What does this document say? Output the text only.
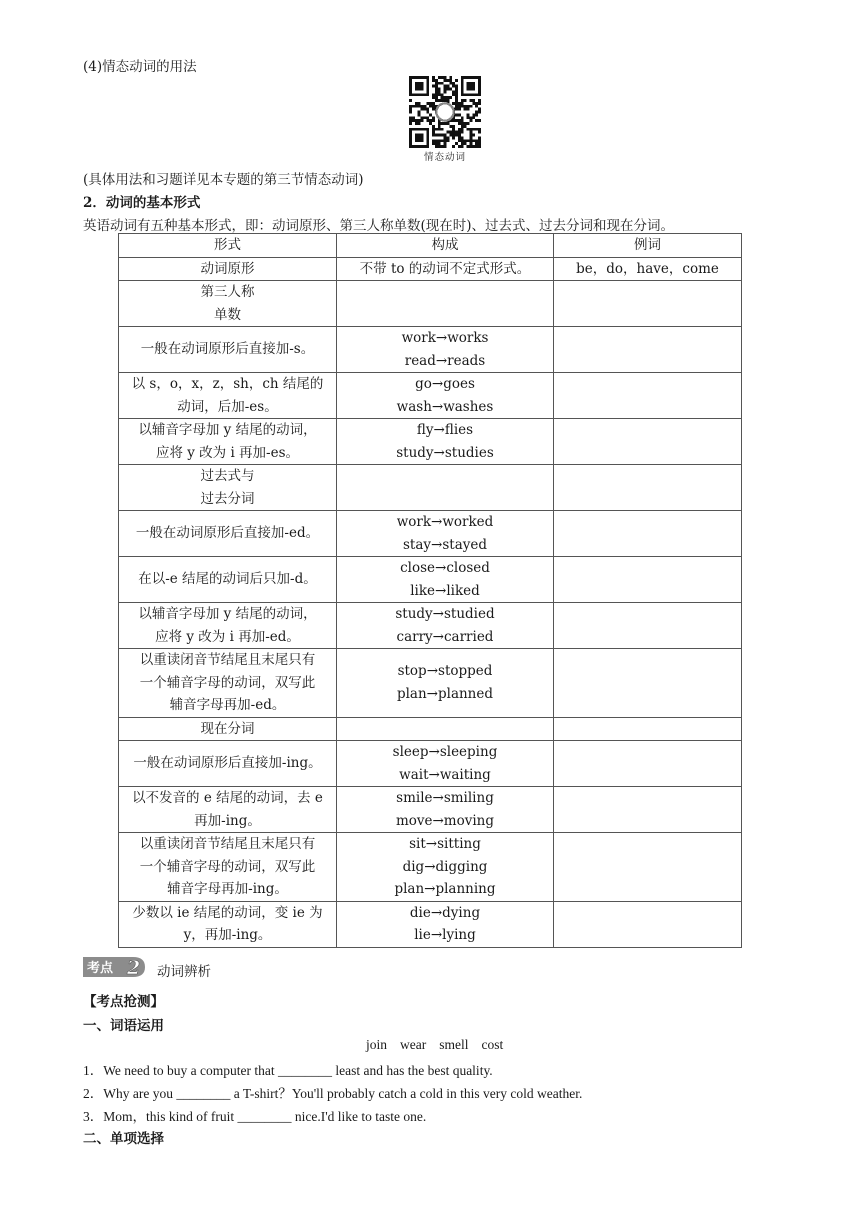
(4)情态动词的用法
情态动词
(具体用法和习题详见本专题的第三节情态动词)
2．动词的基本形式
英语动词有五种基本形式，即：动词原形、第三人称单数(现在时)、过去式、过去分词和现在分词。
形式	构成	例词

动词原形	不带 to 的动词不定式形式。	be，do，have，come

第三人称
单数		

一般在动词原形后直接加-s。	work→works
read→reads	

以 s，o，x，z，sh，ch 结尾的
动词，后加-es。	go→goes
wash→washes	

以辅音字母加 y 结尾的动词，
应将 y 改为 i 再加-es。	fly→flies
study→studies	

过去式与
过去分词		

一般在动词原形后直接加-ed。	work→worked
stay→stayed	

在以-e 结尾的动词后只加-d。	close→closed
like→liked	

以辅音字母加 y 结尾的动词，
应将 y 改为 i 再加-ed。	study→studied
carry→carried	

以重读闭音节结尾且末尾只有
一个辅音字母的动词，双写此
辅音字母再加-ed。	stop→stopped
plan→planned	

现在分词		

一般在动词原形后直接加-ing。	sleep→sleeping
wait→waiting	

以不发音的 e 结尾的动词，去 e
再加-ing。	smile→smiling
move→moving	

以重读闭音节结尾且末尾只有
一个辅音字母的动词，双写此
辅音字母再加-ing。	sit→sitting
dig→digging
plan→planning	

少数以 ie 结尾的动词，变 ie 为
y，再加-ing。	die→dying
lie→lying	

考点 2 动词辨析
【考点抢测】
一、词语运用
join wear smell cost
1．We need to buy a computer that ________ least and has the best quality.
2．Why are you ________ a T-shirt？You'll probably catch a cold in this very cold weather.
3．Mom，this kind of fruit ________ nice.I'd like to taste one.
二、单项选择
